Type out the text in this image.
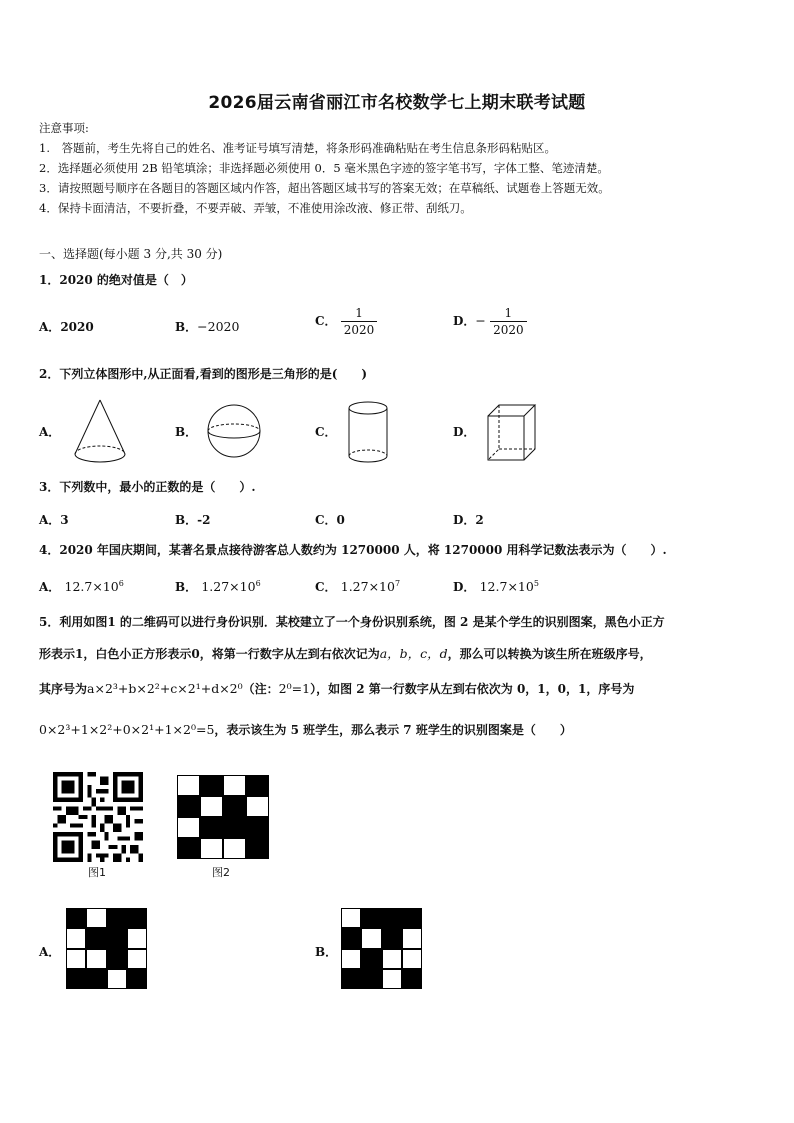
2026届云南省丽江市名校数学七上期末联考试题
注意事项:
1.　答题前，考生先将自己的姓名、准考证号填写清楚，将条形码准确粘贴在考生信息条形码粘贴区。
2．选择题必须使用 2B 铅笔填涂；非选择题必须使用 0．5 毫米黑色字迹的签字笔书写，字体工整、笔迹清楚。
3．请按照题号顺序在各题目的答题区域内作答，超出答题区域书写的答案无效；在草稿纸、试题卷上答题无效。
4．保持卡面清洁，不要折叠，不要弄破、弄皱，不准使用涂改液、修正带、刮纸刀。
一、选择题(每小题 3 分,共 30 分)
1．2020 的绝对值是（　）
A．2020	B．−2020	C． $\frac{1}{2020}$	D．− $\frac{1}{2020}$
2．下列立体图形中,从正面看,看到的图形是三角形的是(　　)
A．	B．	C．	D．
3．下列数中，最小的正数的是（　　）.
A．3	B．-2	C．0	D．2
4．2020 年国庆期间，某著名景点接待游客总人数约为 1270000 人，将 1270000 用科学记数法表示为（　　）.
A． $12.7\times 10^6$	B． $1.27\times 10^6$	C． $1.27\times 10^7$	D． $12.7\times 10^5$
5．利用如图1 的二维码可以进行身份识别．某校建立了一个身份识别系统，图 2 是某个学生的识别图案，黑色小正方
形表示1，白色小正方形表示0，将第一行数字从左到右依次记为a，b，c，d，那么可以转换为该生所在班级序号，
其序号为a×2³+b×2²+c×2¹+d×2⁰（注：2⁰=1），如图 2 第一行数字从左到右依次为 0，1，0，1，序号为
0×2³+1×2²+0×2¹+1×2⁰=5，表示该生为 5 班学生，那么表示 7 班学生的识别图案是（　　）
图1	图2
A．	B．
